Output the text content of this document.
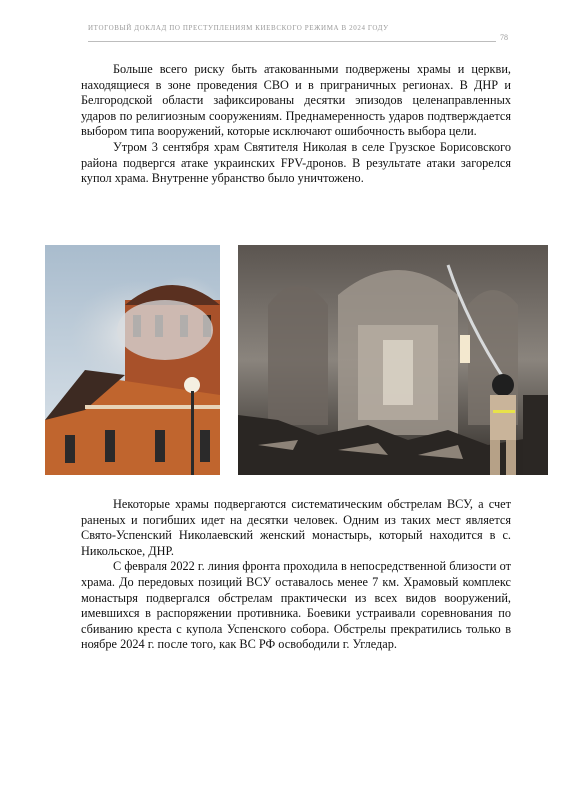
ИТОГОВЫЙ ДОКЛАД ПО ПРЕСТУПЛЕНИЯМ КИЕВСКОГО РЕЖИМА В 2024 ГОДУ
78

Больше всего риску быть атакованными подвержены храмы и церкви, находящиеся в зоне проведения СВО и в приграничных регионах. В ДНР и Белгородской области зафиксированы десятки эпизодов целенаправленных ударов по религиозным сооружениям. Преднамеренность ударов подтверждается выбором типа вооружений, которые исключают ошибочность выбора цели.

Утром 3 сентября храм Святителя Николая в селе Грузское Борисовского района подвергся атаке украинских FPV-дронов. В результате атаки загорелся купол храма. Внутренне убранство было уничтожено.

Некоторые храмы подвергаются систематическим обстрелам ВСУ, а счет раненых и погибших идет на десятки человек. Одним из таких мест является Свято-Успенский Николаевский женский монастырь, который находится в с. Никольское, ДНР.

С февраля 2022 г. линия фронта проходила в непосредственной близости от храма. До передовых позиций ВСУ оставалось менее 7 км. Храмовый комплекс монастыря подвергался обстрелам практически из всех видов вооружений, имевшихся в распоряжении противника. Боевики устраивали соревнования по сбиванию креста с купола Успенского собора. Обстрелы прекратились только в ноябре 2024 г. после того, как ВС РФ освободили г. Угледар.
